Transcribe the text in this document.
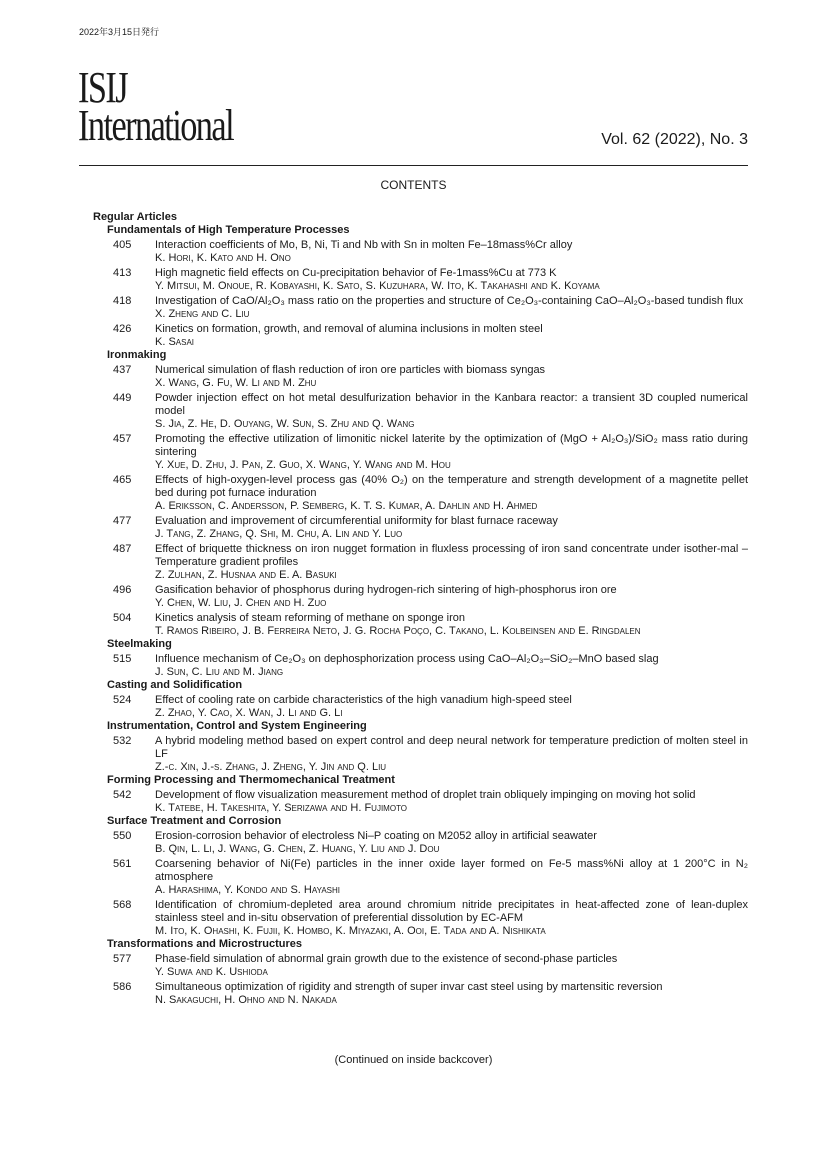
2022年3月15日発行
ISIJ
International	Vol. 62 (2022), No. 3
CONTENTS
Regular Articles
Fundamentals of High Temperature Processes
405	Interaction coefficients of Mo, B, Ni, Ti and Nb with Sn in molten Fe–18mass%Cr alloy
K. Hori, K. Kato and H. Ono
413	High magnetic field effects on Cu-precipitation behavior of Fe-1mass%Cu at 773 K
Y. Mitsui, M. Onoue, R. Kobayashi, K. Sato, S. Kuzuhara, W. Ito, K. Takahashi and K. Koyama
418	Investigation of CaO/Al₂O₃ mass ratio on the properties and structure of Ce₂O₃-containing CaO–Al₂O₃-based tundish flux
X. Zheng and C. Liu
426	Kinetics on formation, growth, and removal of alumina inclusions in molten steel
K. Sasai
Ironmaking
437	Numerical simulation of flash reduction of iron ore particles with biomass syngas
X. Wang, G. Fu, W. Li and M. Zhu
449	Powder injection effect on hot metal desulfurization behavior in the Kanbara reactor: a transient 3D coupled numerical model
S. Jia, Z. He, D. Ouyang, W. Sun, S. Zhu and Q. Wang
457	Promoting the effective utilization of limonitic nickel laterite by the optimization of (MgO + Al₂O₃)/SiO₂ mass ratio during sintering
Y. Xue, D. Zhu, J. Pan, Z. Guo, X. Wang, Y. Wang and M. Hou
465	Effects of high-oxygen-level process gas (40% O₂) on the temperature and strength development of a magnetite pellet bed during pot furnace induration
A. Eriksson, C. Andersson, P. Semberg, K. T. S. Kumar, A. Dahlin and H. Ahmed
477	Evaluation and improvement of circumferential uniformity for blast furnace raceway
J. Tang, Z. Zhang, Q. Shi, M. Chu, A. Lin and Y. Luo
487	Effect of briquette thickness on iron nugget formation in fluxless processing of iron sand concentrate under isother-mal – Temperature gradient profiles
Z. Zulhan, Z. Husnaa and E. A. Basuki
496	Gasification behavior of phosphorus during hydrogen-rich sintering of high-phosphorus iron ore
Y. Chen, W. Liu, J. Chen and H. Zuo
504	Kinetics analysis of steam reforming of methane on sponge iron
T. Ramos Ribeiro, J. B. Ferreira Neto, J. G. Rocha Poço, C. Takano, L. Kolbeinsen and E. Ringdalen
Steelmaking
515	Influence mechanism of Ce₂O₃ on dephosphorization process using CaO–Al₂O₃–SiO₂–MnO based slag
J. Sun, C. Liu and M. Jiang
Casting and Solidification
524	Effect of cooling rate on carbide characteristics of the high vanadium high-speed steel
Z. Zhao, Y. Cao, X. Wan, J. Li and G. Li
Instrumentation, Control and System Engineering
532	A hybrid modeling method based on expert control and deep neural network for temperature prediction of molten steel in LF
Z.-c. Xin, J.-s. Zhang, J. Zheng, Y. Jin and Q. Liu
Forming Processing and Thermomechanical Treatment
542	Development of flow visualization measurement method of droplet train obliquely impinging on moving hot solid
K. Tatebe, H. Takeshita, Y. Serizawa and H. Fujimoto
Surface Treatment and Corrosion
550	Erosion-corrosion behavior of electroless Ni–P coating on M2052 alloy in artificial seawater
B. Qin, L. Li, J. Wang, G. Chen, Z. Huang, Y. Liu and J. Dou
561	Coarsening behavior of Ni(Fe) particles in the inner oxide layer formed on Fe-5 mass%Ni alloy at 1 200°C in N₂ atmosphere
A. Harashima, Y. Kondo and S. Hayashi
568	Identification of chromium-depleted area around chromium nitride precipitates in heat-affected zone of lean-duplex stainless steel and in-situ observation of preferential dissolution by EC-AFM
M. Ito, K. Ohashi, K. Fujii, K. Hombo, K. Miyazaki, A. Ooi, E. Tada and A. Nishikata
Transformations and Microstructures
577	Phase-field simulation of abnormal grain growth due to the existence of second-phase particles
Y. Suwa and K. Ushioda
586	Simultaneous optimization of rigidity and strength of super invar cast steel using by martensitic reversion
N. Sakaguchi, H. Ohno and N. Nakada
(Continued on inside backcover)
